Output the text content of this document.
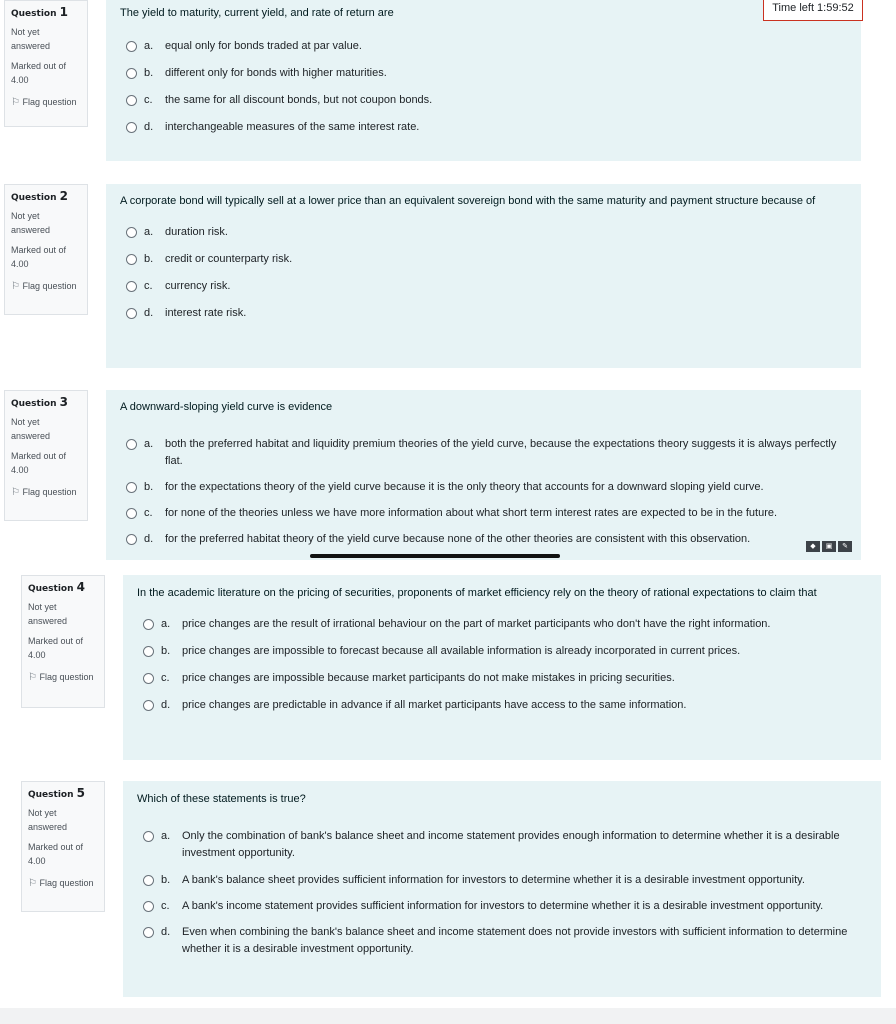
Question 1
Not yet answered
Marked out of 4.00
⚐ Flag question
The yield to maturity, current yield, and rate of return are
a. equal only for bonds traded at par value.
b. different only for bonds with higher maturities.
c. the same for all discount bonds, but not coupon bonds.
d. interchangeable measures of the same interest rate.
Time left 1:59:52
Question 2
Not yet answered
Marked out of 4.00
⚐ Flag question
A corporate bond will typically sell at a lower price than an equivalent sovereign bond with the same maturity and payment structure because of
a. duration risk.
b. credit or counterparty risk.
c. currency risk.
d. interest rate risk.
Question 3
Not yet answered
Marked out of 4.00
⚐ Flag question
A downward-sloping yield curve is evidence
a. both the preferred habitat and liquidity premium theories of the yield curve, because the expectations theory suggests it is always perfectly flat.
b. for the expectations theory of the yield curve because it is the only theory that accounts for a downward sloping yield curve.
c. for none of the theories unless we have more information about what short term interest rates are expected to be in the future.
d. for the preferred habitat theory of the yield curve because none of the other theories are consistent with this observation.
◆ ▣ ✎
Question 4
Not yet answered
Marked out of 4.00
⚐ Flag question
In the academic literature on the pricing of securities, proponents of market efficiency rely on the theory of rational expectations to claim that
a. price changes are the result of irrational behaviour on the part of market participants who don't have the right information.
b. price changes are impossible to forecast because all available information is already incorporated in current prices.
c. price changes are impossible because market participants do not make mistakes in pricing securities.
d. price changes are predictable in advance if all market participants have access to the same information.
Question 5
Not yet answered
Marked out of 4.00
⚐ Flag question
Which of these statements is true?
a. Only the combination of bank's balance sheet and income statement provides enough information to determine whether it is a desirable investment opportunity.
b. A bank's balance sheet provides sufficient information for investors to determine whether it is a desirable investment opportunity.
c. A bank's income statement provides sufficient information for investors to determine whether it is a desirable investment opportunity.
d. Even when combining the bank's balance sheet and income statement does not provide investors with sufficient information to determine whether it is a desirable investment opportunity.
